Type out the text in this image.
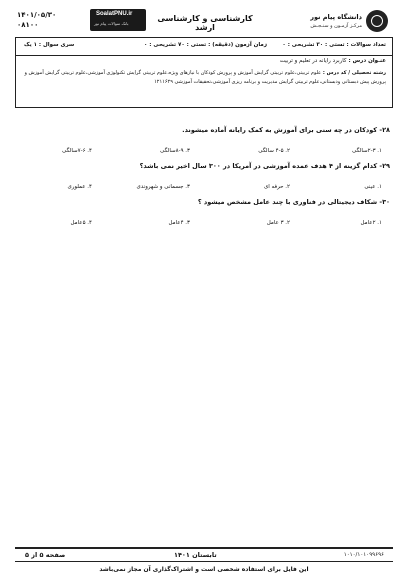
۱۴۰۱/۰۵/۳۰
۰۸۱۰۰
SoalatPNU.ir
بانک سوالات پیام نور
کارشناسی و کارشناسی ارشد
دانشگاه پیام نور
مرکـز آزمـون و سنـجـش
سری سوال : ۱ یک	زمان آزمون (دقیقه) : تستی : ۷۰ تشریحی : ۰	تعداد سوالات : تستی : ۳۰ تشریحی : ۰
عنـوان درس : کاربرد رایانه در تعلیم و تربیت
رشته تحصیلی / کد درس : علوم تربیتی،علوم تربیتی گرایش آموزش و پرورش کودکان با نیازهای ویژه،علوم تربیتی گرایش تکنولوژی آموزشی،علوم تربیتی گرایش آموزش و پرورش پیش دبستانی ودبستانی،علوم تربیتی گرایش مدیریت و برنامه ریزی آموزشی،تحقیقات آموزشی ۱۲۱۱۶۲۹
۲۸- کودکان در چه سنی برای آموزش به کمک رایانه آماده میشوند.
۱. ۲-۳سالگی
۲. ۴-۵ سالگی
۳. ۸-۹سالگی
۴. ۷-۶سالگی
۲۹- کدام گزینه از ۴ هدف عمده آموزشی در آمریکا در ۳۰۰ سال اخیر نمی باشد؟
۱. عینی
۲. حرفه ای
۳. جسمانی و شهروندی
۴. عملوری
۳۰- شکاف دیجیتالی در فناوری با چند عامل مشخص میشود ؟
۱. ۲عامل
۲. ۳ عامل
۳. ۴عامل
۴. ۵عامل
صفحه ۵ از ۵	تابستان ۱۴۰۱	۱۰۱۰/۱۰۱۰۹۹۶۹۶
این فایل برای استفاده شخصی است و اشتراک‌گذاری آن مجاز نمی‌باشد
